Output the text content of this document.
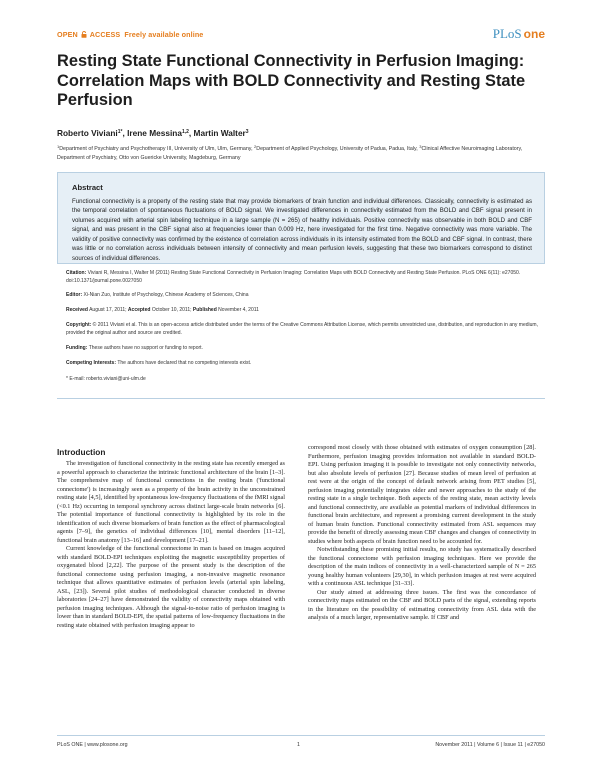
OPEN ACCESS Freely available online	PLoS one
Resting State Functional Connectivity in Perfusion Imaging: Correlation Maps with BOLD Connectivity and Resting State Perfusion
Roberto Viviani$^{1*}$, Irene Messina$^{1,2}$, Martin Walter$^3$
$^1$Department of Psychiatry and Psychotherapy III, University of Ulm, Ulm, Germany, $^2$Department of Applied Psychology, University of Padua, Padua, Italy, $^3$Clinical Affective Neuroimaging Laboratory, Department of Psychiatry, Otto von Guericke University, Magdeburg, Germany
Abstract

Functional connectivity is a property of the resting state that may provide biomarkers of brain function and individual differences. Classically, connectivity is estimated as the temporal correlation of spontaneous fluctuations of BOLD signal. We investigated differences in connectivity estimated from the BOLD and CBF signal present in volumes acquired with arterial spin labeling technique in a large sample (N = 265) of healthy individuals. Positive connectivity was observable in both BOLD and CBF signal, and was present in the CBF signal also at frequencies lower than 0.009 Hz, here investigated for the first time. Negative connectivity was more variable. The validity of positive connectivity was confirmed by the existence of correlation across individuals in its intensity estimated from the BOLD and CBF signal. In contrast, there was little or no correlation across individuals between intensity of connectivity and mean perfusion levels, suggesting that these two biomarkers correspond to distinct sources of individual differences.

Citation: Viviani R, Messina I, Walter M (2011) Resting State Functional Connectivity in Perfusion Imaging: Correlation Maps with BOLD Connectivity and Resting State Perfusion. PLoS ONE 6(11): e27050. doi:10.1371/journal.pone.0027050
Editor: Xi-Nian Zuo, Institute of Psychology, Chinese Academy of Sciences, China
Received August 17, 2011; Accepted October 10, 2011; Published November 4, 2011
Copyright: © 2011 Viviani et al. This is an open-access article distributed under the terms of the Creative Commons Attribution License, which permits unrestricted use, distribution, and reproduction in any medium, provided the original author and source are credited.
Funding: These authors have no support or funding to report.
Competing Interests: The authors have declared that no competing interests exist.
* E-mail: roberto.viviani@uni-ulm.de
Introduction

The investigation of functional connectivity in the resting state has recently emerged as a powerful approach to characterize the intrinsic functional architecture of the brain [1–3]. The comprehensive map of functional connections in the resting brain ('functional connectome') is increasingly seen as a property of the brain activity in the unconstrained resting state [4,5], identified by spontaneous low-frequency fluctuations of the fMRI signal (<0.1 Hz) occurring in temporal synchrony across distinct large-scale brain networks [6]. The potential importance of functional connectivity is highlighted by its role in the identification of such diverse biomarkers of brain function as the effect of pharmacological agents [7–9], the genetics of individual differences [10], mental disorders [11–12], functional brain anatomy [13–16] and development [17–21].

Current knowledge of the functional connectome in man is based on images acquired with standard BOLD-EPI techniques exploiting the magnetic susceptibility properties of oxygenated blood [2,22]. The purpose of the present study is the description of the functional connectome using perfusion imaging, a non-invasive magnetic resonance technique that allows quantitative estimates of perfusion levels (arterial spin labeling, ASL, [23]). Several pilot studies of methodological character conducted in diverse laboratories [24–27] have demonstrated the validity of connectivity maps obtained with perfusion imaging techniques. Although the signal-to-noise ratio of perfusion imaging is lower than in standard BOLD-EPI, the spatial patterns of low-frequency fluctuations in the resting state obtained with perfusion imaging appear to

correspond most closely with those obtained with estimates of oxygen consumption [28]. Furthermore, perfusion imaging provides information not available in standard BOLD-EPI. Using perfusion imaging it is possible to investigate not only connectivity networks, but also absolute levels of perfusion [27]. Because studies of mean level of perfusion at rest were at the origin of the concept of default network arising from PET studies [5], perfusion imaging potentially integrates older and newer approaches to the study of the resting state in a single technique. Both aspects of the resting state, mean activity levels and functional connectivity, are available as potential markers of individual differences in functional brain architecture, and represent a promising current development in the study of human brain function. Functional connectivity estimated from ASL sequences may provide the benefit of directly assessing mean CBF changes and changes of connectivity in studies where both aspects of brain function need to be accounted for.

Notwithstanding these promising initial results, no study has systematically described the functional connectome with perfusion imaging techniques. Here we provide the description of the main indices of connectivity in a well-characterized sample of N = 265 young healthy human volunteers [29,30], in which perfusion images at rest were acquired with a continuous ASL technique [31–33].

Our study aimed at addressing three issues. The first was the concordance of connectivity maps estimated on the CBF and BOLD parts of the signal, extending reports in the literature on the possibility of estimating connectivity from ASL data with the analysis of a much larger, representative sample. If CBF and

PLoS ONE | www.plosone.org	1	November 2011 | Volume 6 | Issue 11 | e27050
